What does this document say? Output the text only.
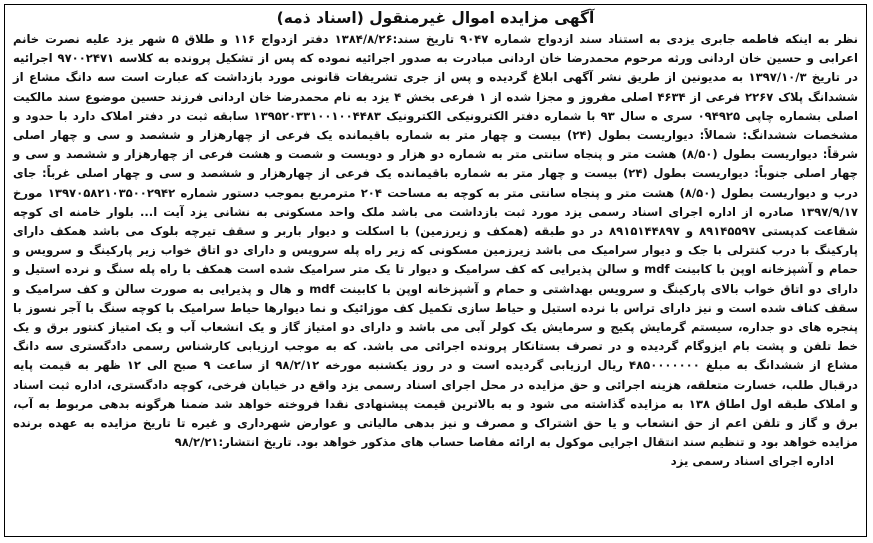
آگهی مزایده اموال غیرمنقول (اسناد ذمه)

نظر به اینکه فاطمه جابری یزدی به استناد سند ازدواج شماره ۹۰۴۷ تاریخ سند:۱۳۸۴/۸/۲۶ دفتر ازدواج ۱۱۶ و طلاق ۵ شهر یزد علیه نصرت خانم اعرابی و حسین خان اردانی ورثه مرحوم محمدرضا خان اردانی مبادرت به صدور اجرائیه نموده که پس از تشکیل پرونده به کلاسه ۹۷۰۰۲۴۷۱ اجرائیه در تاریخ ۱۳۹۷/۱۰/۳ به مدیونین از طریق نشر آگهی ابلاغ گردیده و پس از جری تشریفات قانونی مورد بازداشت که عبارت است سه دانگ مشاع از ششدانگ پلاک ۲۲۶۷ فرعی از ۴۶۳۴ اصلی مفروز و مجزا شده از ۱ فرعی بخش ۴ یزد به نام محمدرضا خان اردانی فرزند حسین موضوع سند مالکیت اصلی بشماره چاپی ۰۹۴۹۲۵ سری ه سال ۹۳ با شماره دفتر الکترونیکی الکترونیک ۱۳۹۵۲۰۳۳۱۰۰۱۰۰۴۴۸۳ سابقه ثبت در دفتر املاک دارد با حدود و مشخصات ششدانگ: شمالاً: دیواریست بطول (۲۴) بیست و چهار متر به شماره باقیمانده یک فرعی از چهارهزار و ششصد و سی و چهار اصلی شرقاً: دیواریست بطول (۸/۵۰) هشت متر و پنجاه سانتی متر به شماره دو هزار و دویست و شصت و هشت فرعی از چهارهزار و ششصد و سی و چهار اصلی جنوباً: دیواریست بطول (۲۴) بیست و چهار متر به شماره باقیمانده یک فرعی از چهارهزار و ششصد و سی و چهار اصلی غرباً: جای درب و دیواریست بطول (۸/۵۰) هشت متر و پنجاه سانتی متر به کوچه به مساحت ۲۰۴ مترمربع بموجب دستور شماره ۱۳۹۷۰۵۸۲۱۰۳۵۰۰۲۹۴۲ مورخ ۱۳۹۷/۹/۱۷ صادره از اداره اجرای اسناد رسمی یزد مورد ثبت بازداشت می باشد ملک واحد مسکونی به نشانی یزد آیت ا... بلوار خامنه ای کوچه شقاعت کدپستی ۸۹۱۴۵۵۹۷ و ۸۹۱۵۱۴۴۸۹۷ در دو طبقه (همکف و زیرزمین) با اسکلت و دیوار باربر و سقف تیرچه بلوک می باشد همکف دارای پارکینگ با درب کنترلی با جک و دیوار سرامیک می باشد زیرزمین مسکونی که زیر راه پله سرویس و دارای دو اتاق خواب زیر پارکینگ و سرویس و حمام و آشپزخانه اوپن با کابینت mdf و سالن پذیرایی که کف سرامیک و دیوار تا یک متر سرامیک شده است همکف با راه پله سنگ و نرده استیل و دارای دو اتاق خواب بالای پارکینگ و سرویس بهداشتی و حمام و آشپزخانه اوپن با کابینت mdf و هال و پذیرایی به صورت سالن و کف سرامیک و سقف کناف شده است و نیز دارای تراس با نرده استیل و حیاط سازی تکمیل کف موزائیک و نما دیوارها حیاط سرامیک با کوچه سنگ با آجر نسوز با پنجره های دو جداره، سیستم گرمایش پکیج و سرمایش یک کولر آبی می باشد و دارای دو امتیاز گاز و یک انشعاب آب و یک امتیاز کنتور برق و یک خط تلفن و پشت بام ایزوگام گردیده و در تصرف بستانکار پرونده اجرائی می باشد. که به موجب ارزیابی کارشناس رسمی دادگستری سه دانگ مشاع از ششدانگ به مبلغ ۴۸۵۰۰۰۰۰۰۰ ریال ارزیابی گردیده است و در روز یکشنبه مورخه ۹۸/۲/۱۲ از ساعت ۹ صبح الی ۱۲ ظهر به قیمت پایه درقبال طلب، خسارت متعلقه، هزینه اجرائی و حق مزایده در محل اجرای اسناد رسمی یزد واقع در خیابان فرخی، کوچه دادگستری، اداره ثبت اسناد و املاک طبقه اول اطاق ۱۳۸ به مزایده گذاشته می شود و به بالاترین قیمت پیشنهادی نقدا فروخته خواهد شد ضمنا هرگونه بدهی مربوط به آب، برق و گاز و تلفن اعم از حق انشعاب و یا حق اشتراک و مصرف و نیز بدهی مالیاتی و عوارض شهرداری و غیره تا تاریخ مزایده به عهده برنده مزایده خواهد بود و تنظیم سند انتقال اجرایی موکول به ارائه مفاصا حساب های مذکور خواهد بود. تاریخ انتشار:۹۸/۲/۲۱

اداره اجرای اسناد رسمی یزد
